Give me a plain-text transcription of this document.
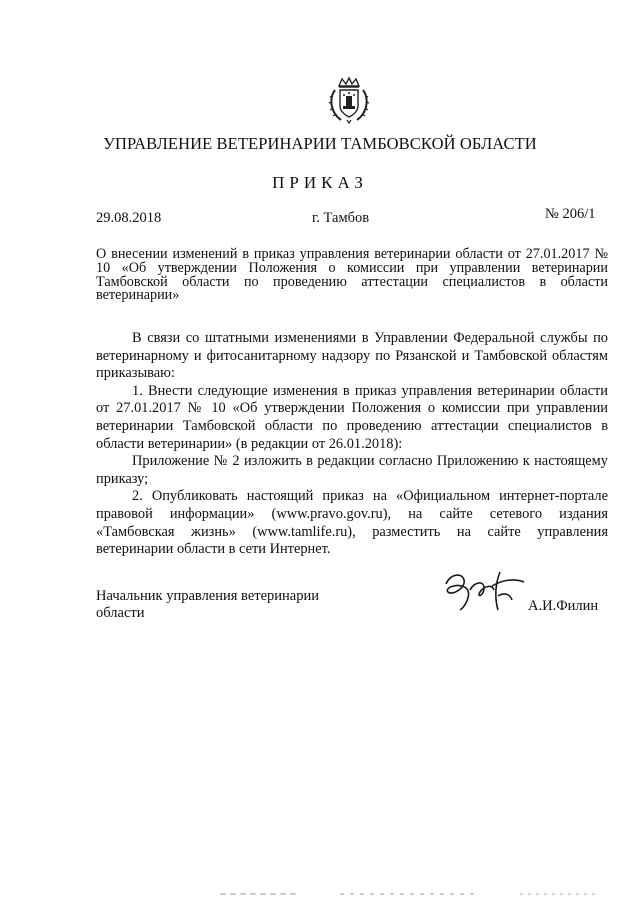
УПРАВЛЕНИЕ ВЕТЕРИНАРИИ ТАМБОВСКОЙ ОБЛАСТИ
ПРИКАЗ
29.08.2018	г. Тамбов	№ 206/1
О внесении изменений в приказ управления ветеринарии области от 27.01.2017 № 10 «Об утверждении Положения о комиссии при управлении ветеринарии Тамбовской области по проведению аттестации специалистов в области ветеринарии»

В связи со штатными изменениями в Управлении Федеральной службы по ветеринарному и фитосанитарному надзору по Рязанской и Тамбовской областям приказываю:

1. Внести следующие изменения в приказ управления ветеринарии области от 27.01.2017 № 10 «Об утверждении Положения о комиссии при управлении ветеринарии Тамбовской области по проведению аттестации специалистов в области ветеринарии» (в редакции от 26.01.2018):

Приложение № 2 изложить в редакции согласно Приложению к настоящему приказу;

2. Опубликовать настоящий приказ на «Официальном интернет-портале правовой информации» (www.pravo.gov.ru), на сайте сетевого издания «Тамбовская жизнь» (www.tamlife.ru), разместить на сайте управления ветеринарии области в сети Интернет.

Начальник управления ветеринарии области	А.И.Филин
